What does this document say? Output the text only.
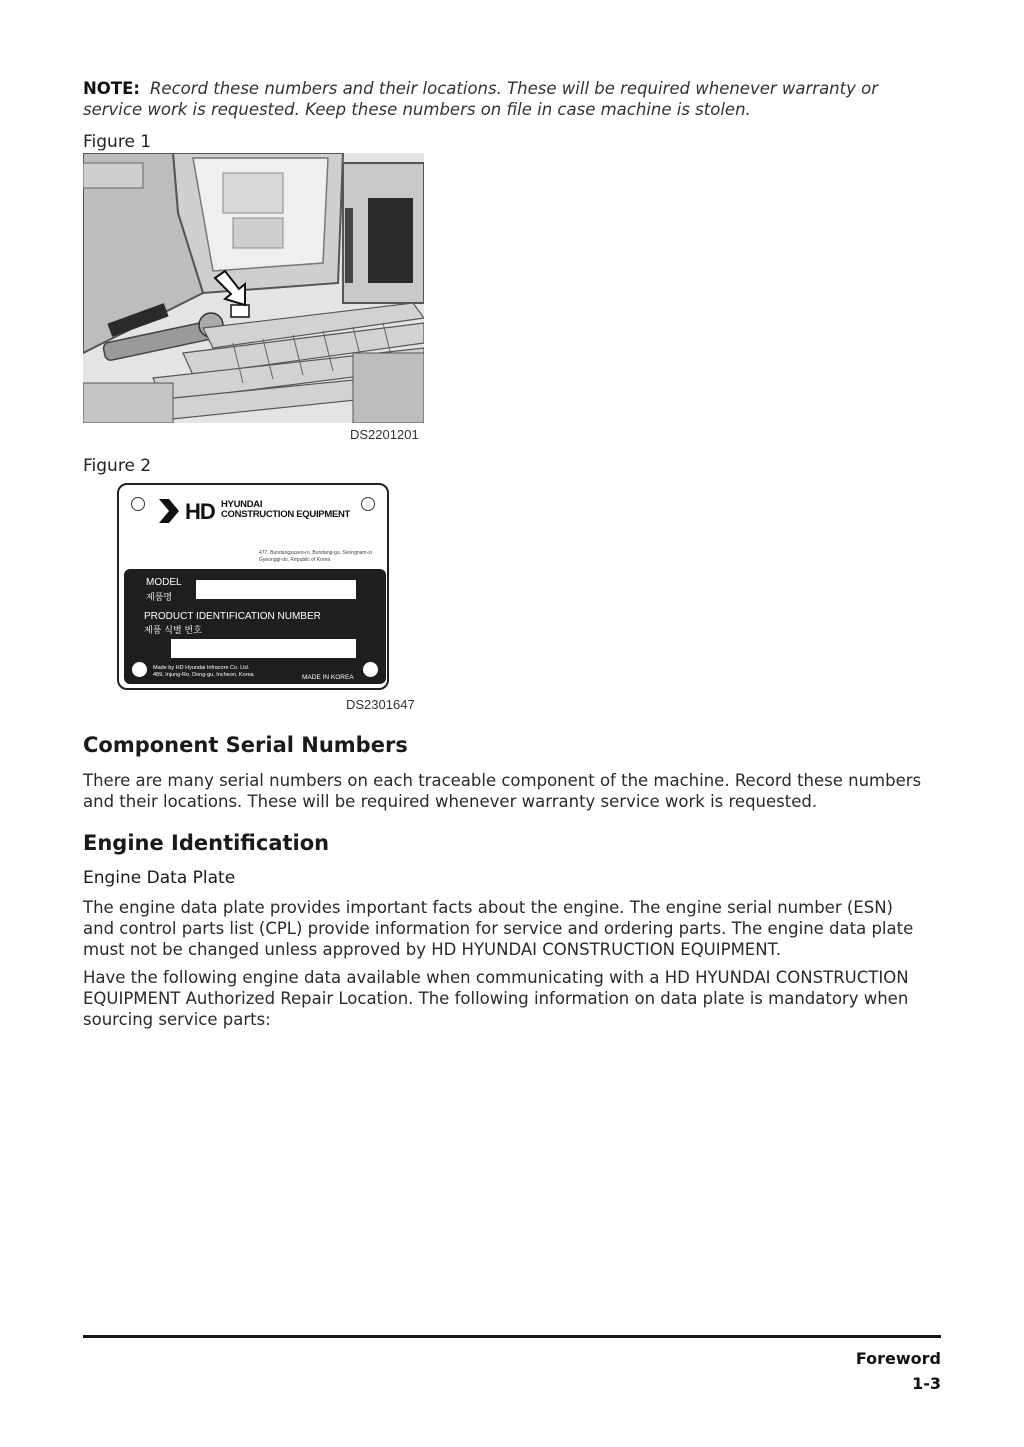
NOTE: Record these numbers and their locations. These will be required whenever warranty or
service work is requested. Keep these numbers on file in case machine is stolen.
Figure 1
DS2201201
Figure 2
HD HYUNDAI
CONSTRUCTION EQUIPMENT
477, Bundangsuseo-ro, Bundang-gu, Seongnam-si
Gyeonggi-do, Republic of Korea
MODEL
제품명
PRODUCT IDENTIFICATION NUMBER
제품 식별 번호
Made by HD Hyundai Infracore Co. Ltd.
489, Injung-Ro, Dong-gu, Incheon, Korea	MADE IN KOREA
DS2301647
Component Serial Numbers

There are many serial numbers on each traceable component of the machine. Record these numbers
and their locations. These will be required whenever warranty service work is requested.

Engine Identification
Engine Data Plate

The engine data plate provides important facts about the engine. The engine serial number (ESN)
and control parts list (CPL) provide information for service and ordering parts. The engine data plate
must not be changed unless approved by HD HYUNDAI CONSTRUCTION EQUIPMENT.

Have the following engine data available when communicating with a HD HYUNDAI CONSTRUCTION
EQUIPMENT Authorized Repair Location. The following information on data plate is mandatory when
sourcing service parts:

Foreword
1-3
